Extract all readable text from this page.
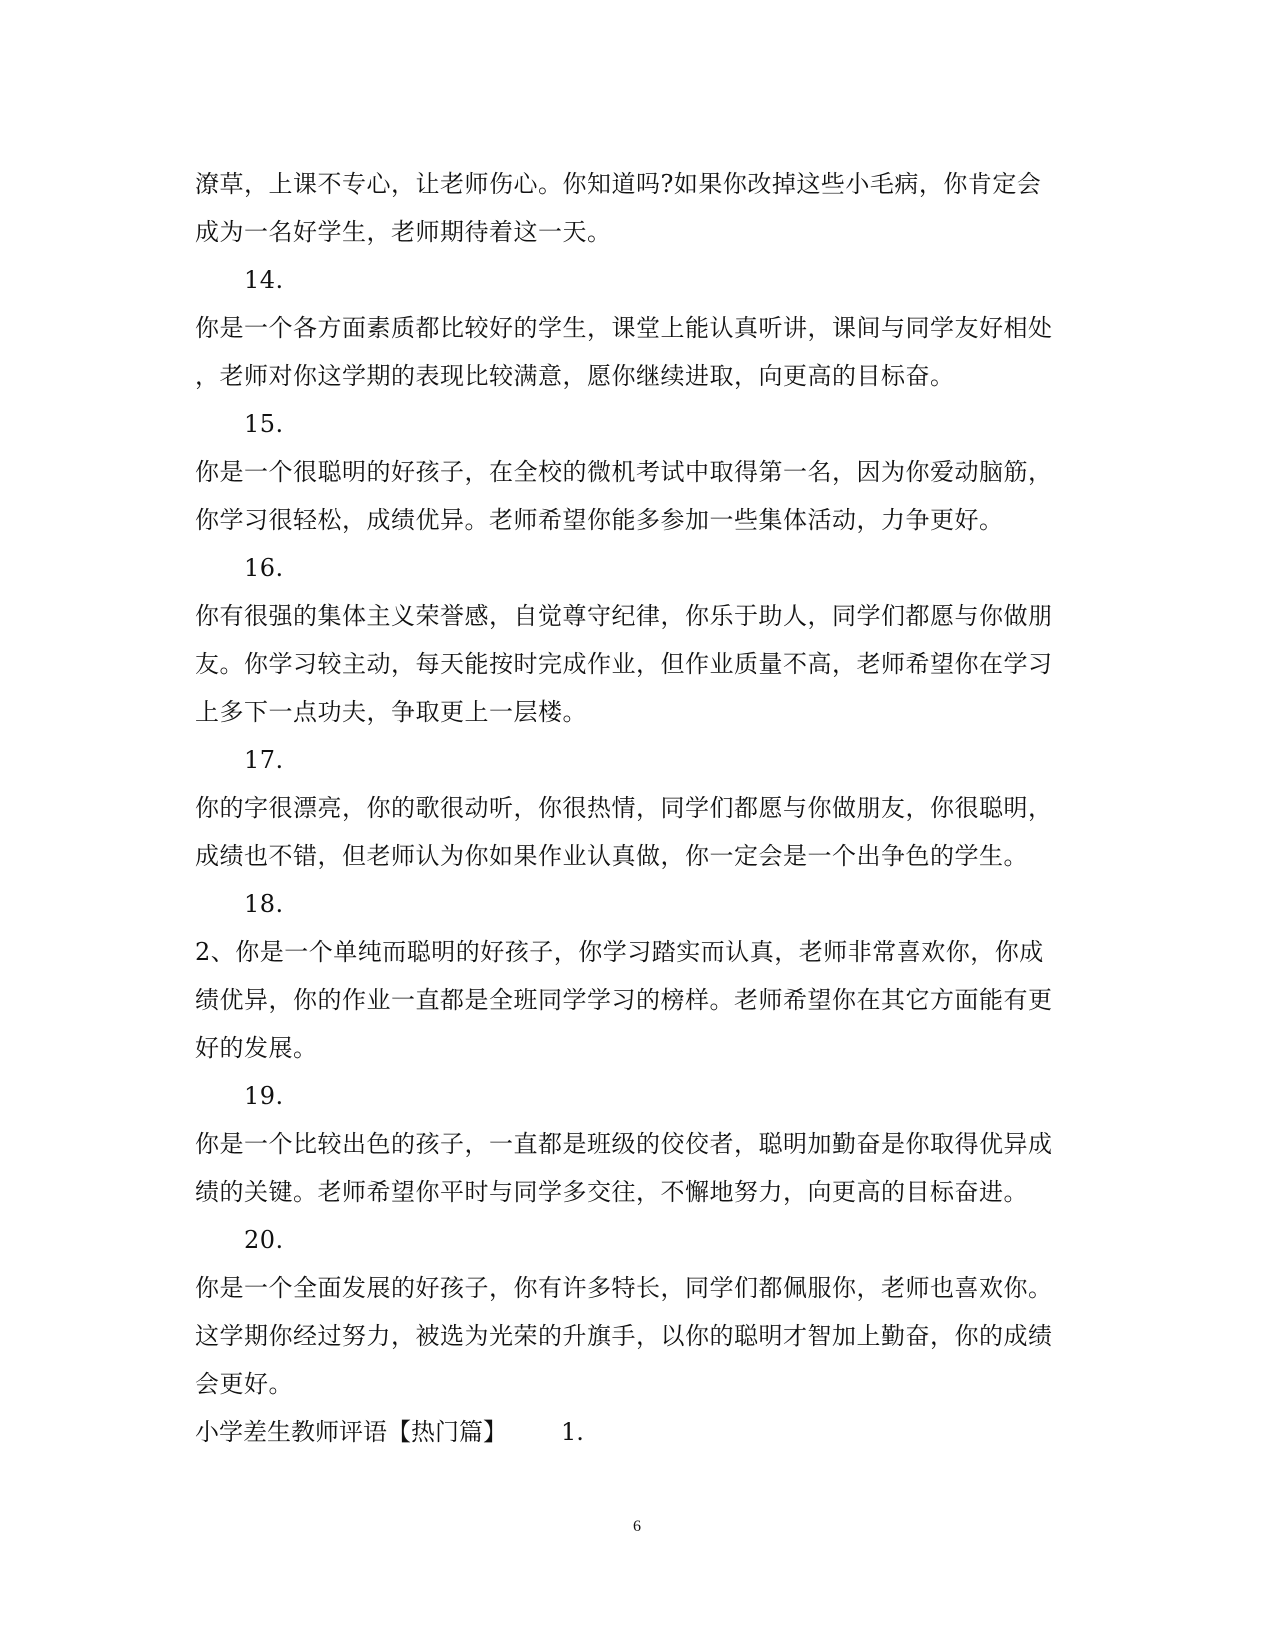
潦草，上课不专心，让老师伤心。你知道吗?如果你改掉这些小毛病，你肯定会
成为一名好学生，老师期待着这一天。
14.
你是一个各方面素质都比较好的学生，课堂上能认真听讲，课间与同学友好相处
，老师对你这学期的表现比较满意，愿你继续进取，向更高的目标奋。
15.
你是一个很聪明的好孩子，在全校的微机考试中取得第一名，因为你爱动脑筋，
你学习很轻松，成绩优异。老师希望你能多参加一些集体活动，力争更好。
16.
你有很强的集体主义荣誉感，自觉尊守纪律，你乐于助人，同学们都愿与你做朋
友。你学习较主动，每天能按时完成作业，但作业质量不高，老师希望你在学习
上多下一点功夫，争取更上一层楼。
17.
你的字很漂亮，你的歌很动听，你很热情，同学们都愿与你做朋友，你很聪明，
成绩也不错，但老师认为你如果作业认真做，你一定会是一个出争色的学生。
18.
2、你是一个单纯而聪明的好孩子，你学习踏实而认真，老师非常喜欢你，你成
绩优异，你的作业一直都是全班同学学习的榜样。老师希望你在其它方面能有更
好的发展。
19.
你是一个比较出色的孩子，一直都是班级的佼佼者，聪明加勤奋是你取得优异成
绩的关键。老师希望你平时与同学多交往，不懈地努力，向更高的目标奋进。
20.
你是一个全面发展的好孩子，你有许多特长，同学们都佩服你，老师也喜欢你。
这学期你经过努力，被选为光荣的升旗手，以你的聪明才智加上勤奋，你的成绩
会更好。
小学差生教师评语【热门篇】 1.
6
